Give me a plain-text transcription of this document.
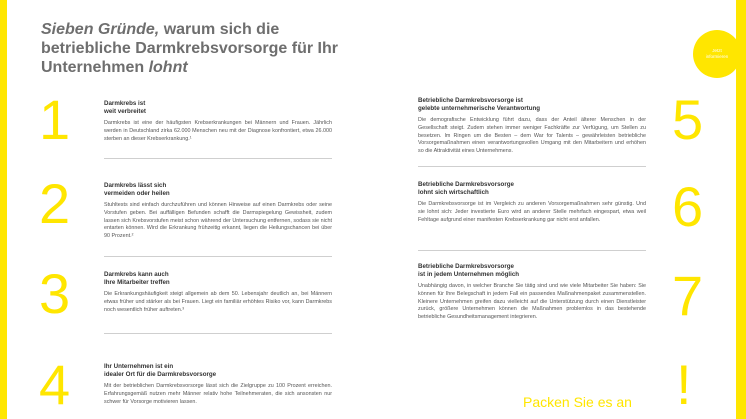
Sieben Gründe, warum sich die betriebliche Darmkrebsvorsorge für Ihr Unternehmen lohnt
Jetzt
informieren
1	Darmkrebs ist
weit verbreitet

Darmkrebs ist eine der häufigsten Krebserkrankungen bei Männern und Frauen. Jährlich werden in Deutschland zirka 62.000 Menschen neu mit der Diagnose konfrontiert, etwa 26.000 sterben an dieser Krebserkrankung.¹

2	Darmkrebs lässt sich
vermeiden oder heilen

Stuhltests sind einfach durchzuführen und können Hinweise auf einen Darmkrebs oder seine Vorstufen geben. Bei auffälligen Befunden schafft die Darmspiegelung Gewissheit, zudem lassen sich Krebsvorstufen meist schon während der Untersuchung entfernen, sodass sie nicht entarten können. Wird die Erkrankung frühzeitig erkannt, liegen die Heilungschancen bei über 90 Prozent.²

3	Darmkrebs kann auch
Ihre Mitarbeiter treffen

Die Erkrankungshäufigkeit steigt allgemein ab dem 50. Lebensjahr deutlich an, bei Männern etwas früher und stärker als bei Frauen. Liegt ein familiär erhöhtes Risiko vor, kann Darmkrebs noch wesentlich früher auftreten.³

4	Ihr Unternehmen ist ein
idealer Ort für die Darmkrebsvorsorge

Mit der betrieblichen Darmkrebsvorsorge lässt sich die Zielgruppe zu 100 Prozent erreichen. Erfahrungsgemäß nutzen mehr Männer relativ hohe Teilnehmeraten, die sich ansonsten nur schwer für Vorsorge motivieren lassen.

Betriebliche Darmkrebsvorsorge ist
gelebte unternehmerische Verantwortung

Die demografische Entwicklung führt dazu, dass der Anteil älterer Menschen in der Gesellschaft steigt. Zudem stehen immer weniger Fachkräfte zur Verfügung, um Stellen zu besetzen. Im Ringen um die Besten – dem War for Talents – gewährleisten betriebliche Vorsorgemaßnahmen einen verantwortungsvollen Umgang mit den Mitarbeitern und erhöhen so die Attraktivität eines Unternehmens.

5

Betriebliche Darmkrebsvorsorge
lohnt sich wirtschaftlich

Die Darmkrebsvorsorge ist im Vergleich zu anderen Vorsorgemaßnahmen sehr günstig. Und sie lohnt sich: Jeder investierte Euro wird an anderer Stelle mehrfach eingespart, etwa weil Fehltage aufgrund einer manifesten Krebserkrankung gar nicht erst anfallen.	6

Betriebliche Darmkrebsvorsorge
ist in jedem Unternehmen möglich

Unabhängig davon, in welcher Branche Sie tätig sind und wie viele Mitarbeiter Sie haben: Sie können für Ihre Belegschaft in jedem Fall ein passendes Maßnahmenpaket zusammenstellen. Kleinere Unternehmen greifen dazu vielleicht auf die Unterstützung durch einen Dienstleister zurück, größere Unternehmen können die Maßnahmen problemlos in das bestehende betriebliche Gesundheitsmanagement integrieren.	7
Packen Sie es an !
